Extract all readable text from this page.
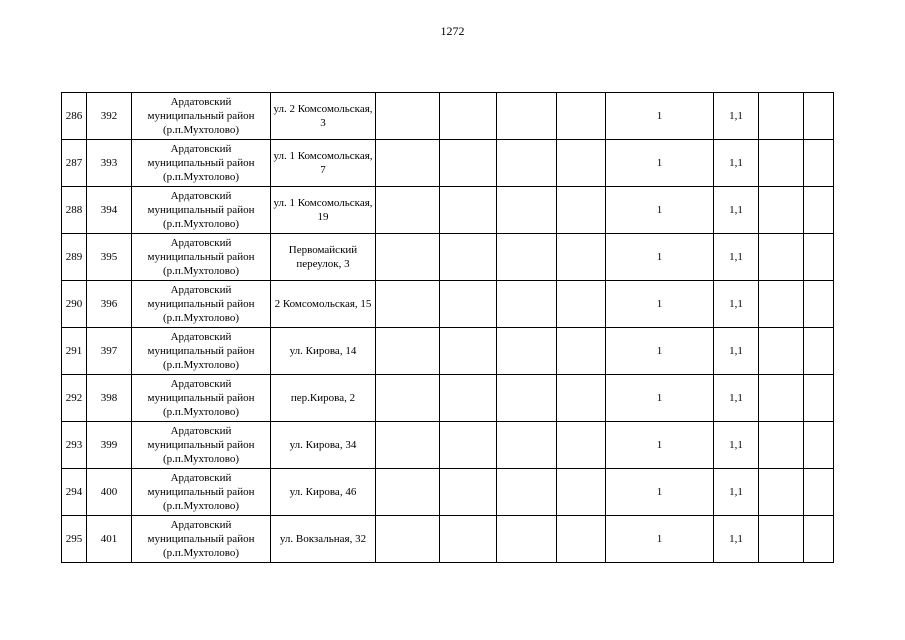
1272
286	392	Ардатовский муниципальный район (р.п.Мухтолово)	ул. 2 Комсомольская, 3					1	1,1		
287	393	Ардатовский муниципальный район (р.п.Мухтолово)	ул. 1 Комсомольская, 7					1	1,1		
288	394	Ардатовский муниципальный район (р.п.Мухтолово)	ул. 1 Комсомольская, 19					1	1,1		
289	395	Ардатовский муниципальный район (р.п.Мухтолово)	Первомайский переулок, 3					1	1,1		
290	396	Ардатовский муниципальный район (р.п.Мухтолово)	2 Комсомольская, 15					1	1,1		
291	397	Ардатовский муниципальный район (р.п.Мухтолово)	ул. Кирова, 14					1	1,1		
292	398	Ардатовский муниципальный район (р.п.Мухтолово)	пер.Кирова, 2					1	1,1		
293	399	Ардатовский муниципальный район (р.п.Мухтолово)	ул. Кирова, 34					1	1,1		
294	400	Ардатовский муниципальный район (р.п.Мухтолово)	ул. Кирова, 46					1	1,1		
295	401	Ардатовский муниципальный район (р.п.Мухтолово)	ул. Вокзальная, 32					1	1,1		
